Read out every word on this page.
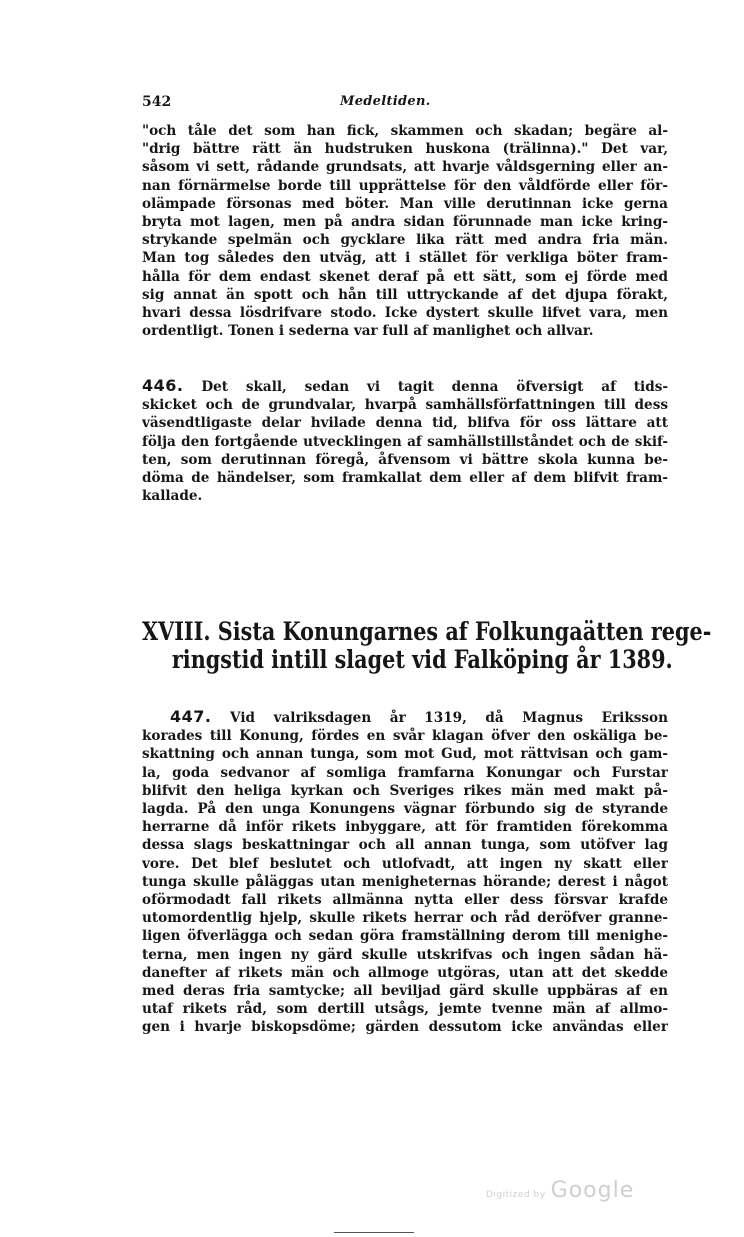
542	Medeltiden.
"och tåle det som han fick, skammen och skadan; begäre al-
"drig bättre rätt än hudstruken huskona (trälinna)." Det var,
såsom vi sett, rådande grundsats, att hvarje våldsgerning eller an-
nan förnärmelse borde till upprättelse för den våldförde eller för-
olämpade försonas med böter. Man ville derutinnan icke gerna
bryta mot lagen, men på andra sidan förunnade man icke kring-
strykande spelmän och gycklare lika rätt med andra fria män.
Man tog således den utväg, att i stället för verkliga böter fram-
hålla för dem endast skenet deraf på ett sätt, som ej förde med
sig annat än spott och hån till uttryckande af det djupa förakt,
hvari dessa lösdrifvare stodo. Icke dystert skulle lifvet vara, men
ordentligt. Tonen i sederna var full af manlighet och allvar.
446. Det skall, sedan vi tagit denna öfversigt af tids-
skicket och de grundvalar, hvarpå samhällsförfattningen till dess
väsendtligaste delar hvilade denna tid, blifva för oss lättare att
följa den fortgående utvecklingen af samhällstillståndet och de skif-
ten, som derutinnan föregå, åfvensom vi bättre skola kunna be-
döma de händelser, som framkallat dem eller af dem blifvit fram-
kallade.
XVIII. Sista Konungarnes af Folkungaätten rege-
ringstid intill slaget vid Falköping år 1389.
447. Vid valriksdagen år 1319, då Magnus Eriksson
korades till Konung, fördes en svår klagan öfver den oskäliga be-
skattning och annan tunga, som mot Gud, mot rättvisan och gam-
la, goda sedvanor af somliga framfarna Konungar och Furstar
blifvit den heliga kyrkan och Sveriges rikes män med makt på-
lagda. På den unga Konungens vägnar förbundo sig de styrande
herrarne då inför rikets inbyggare, att för framtiden förekomma
dessa slags beskattningar och all annan tunga, som utöfver lag
vore. Det blef beslutet och utlofvadt, att ingen ny skatt eller
tunga skulle påläggas utan menigheternas hörande; derest i något
oförmodadt fall rikets allmänna nytta eller dess försvar krafde
utomordentlig hjelp, skulle rikets herrar och råd deröfver granne-
ligen öfverlägga och sedan göra framställning derom till menighe-
terna, men ingen ny gärd skulle utskrifvas och ingen sådan hä-
danefter af rikets män och allmoge utgöras, utan att det skedde
med deras fria samtycke; all beviljad gärd skulle uppbäras af en
utaf rikets råd, som dertill utsågs, jemte tvenne män af allmo-
gen i hvarje biskopsdöme; gärden dessutom icke användas eller
Digitized by Google
